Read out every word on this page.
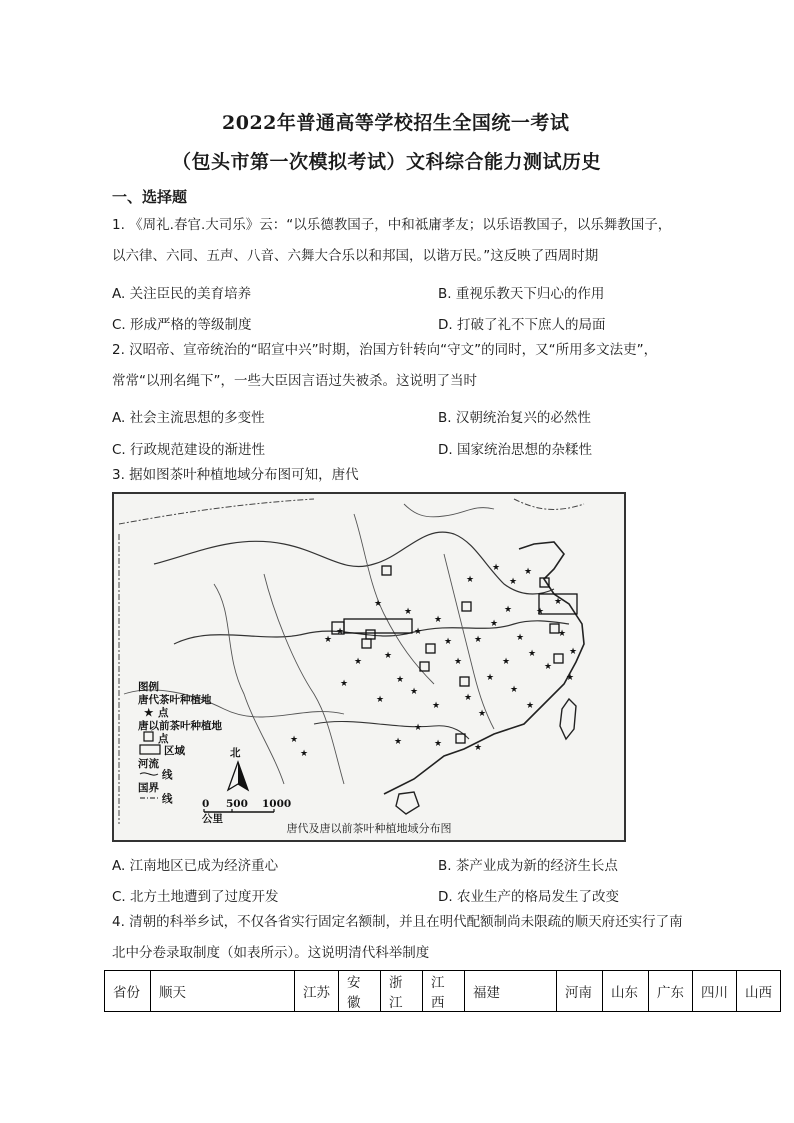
2022年普通高等学校招生全国统一考试
（包头市第一次模拟考试）文科综合能力测试历史
一、选择题
1. 《周礼.春官.大司乐》云：“以乐德教国子，中和祗庸孝友；以乐语教国子，以乐舞教国子，
以六律、六同、五声、八音、六舞大合乐以和邦国，以谐万民。”这反映了西周时期
A. 关注臣民的美育培养	B. 重视乐教天下归心的作用
C. 形成严格的等级制度	D. 打破了礼不下庶人的局面
2. 汉昭帝、宣帝统治的“昭宣中兴”时期，治国方针转向“守文”的同时，又“所用多文法吏”，
常常“以刑名绳下”，一些大臣因言语过失被杀。这说明了当时
A. 社会主流思想的多变性	B. 汉朝统治复兴的必然性
C. 行政规范建设的渐进性	D. 国家统治思想的杂糅性
3. 据如图茶叶种植地域分布图可知，唐代
★
★
★
★
★
★
★
★
★
★
★
★
★
★
★
★
★
★
★
★
★
★
★
★
★
★
★	★
★
★
★
★
★
★
★
★
★
★
★
★
★
★
图例
唐代茶叶种植地
★ 点
唐以前茶叶种植地
点
区域
河流
线
国界
线
北
0 500 1000
公里
唐代及唐以前茶叶种植地域分布图
A. 江南地区已成为经济重心	B. 茶产业成为新的经济生长点
C. 北方土地遭到了过度开发	D. 农业生产的格局发生了改变
4. 清朝的科举乡试，不仅各省实行固定名额制，并且在明代配额制尚未限疏的顺天府还实行了南
北中分卷录取制度（如表所示）。这说明清代科举制度
省份	顺天	江苏	安徽	浙江	江西	福建	河南	山东	广东	四川	山西
